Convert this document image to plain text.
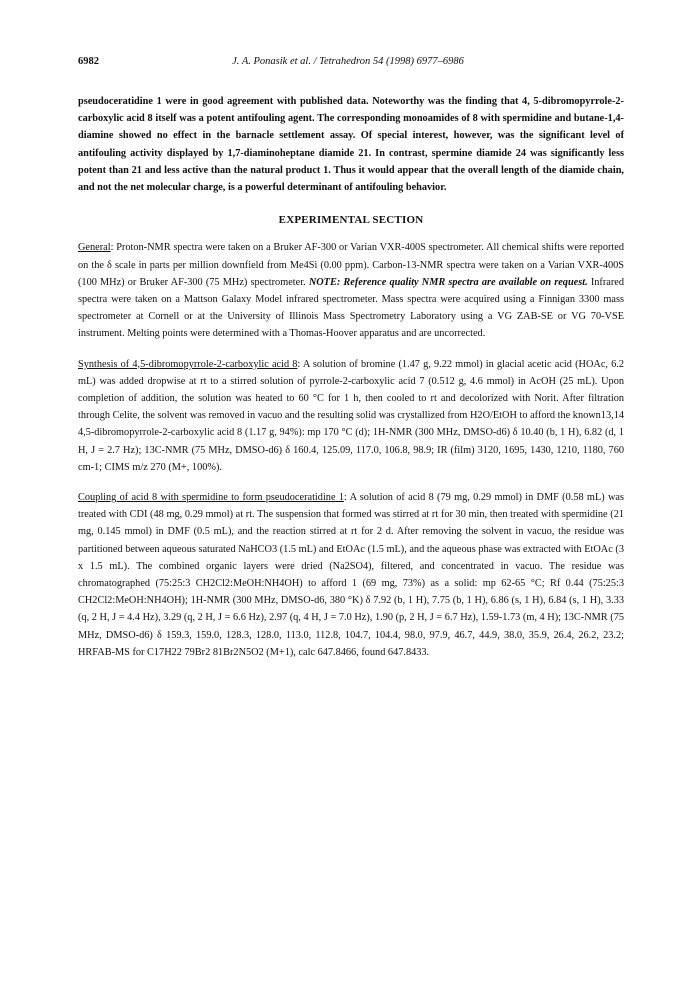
6982	J. A. Ponasik et al. / Tetrahedron 54 (1998) 6977–6986

pseudoceratidine 1 were in good agreement with published data. Noteworthy was the finding that 4, 5-dibromopyrrole-2-carboxylic acid 8 itself was a potent antifouling agent. The corresponding monoamides of 8 with spermidine and butane-1,4-diamine showed no effect in the barnacle settlement assay. Of special interest, however, was the significant level of antifouling activity displayed by 1,7-diaminoheptane diamide 21. In contrast, spermine diamide 24 was significantly less potent than 21 and less active than the natural product 1. Thus it would appear that the overall length of the diamide chain, and not the net molecular charge, is a powerful determinant of antifouling behavior.

EXPERIMENTAL SECTION

General: Proton-NMR spectra were taken on a Bruker AF-300 or Varian VXR-400S spectrometer. All chemical shifts were reported on the δ scale in parts per million downfield from Me4Si (0.00 ppm). Carbon-13-NMR spectra were taken on a Varian VXR-400S (100 MHz) or Bruker AF-300 (75 MHz) spectrometer. NOTE: Reference quality NMR spectra are available on request. Infrared spectra were taken on a Mattson Galaxy Model infrared spectrometer. Mass spectra were acquired using a Finnigan 3300 mass spectrometer at Cornell or at the University of Illinois Mass Spectrometry Laboratory using a VG ZAB-SE or VG 70-VSE instrument. Melting points were determined with a Thomas-Hoover apparatus and are uncorrected.

Synthesis of 4,5-dibromopyrrole-2-carboxylic acid 8: A solution of bromine (1.47 g, 9.22 mmol) in glacial acetic acid (HOAc, 6.2 mL) was added dropwise at rt to a stirred solution of pyrrole-2-carboxylic acid 7 (0.512 g, 4.6 mmol) in AcOH (25 mL). Upon completion of addition, the solution was heated to 60 °C for 1 h, then cooled to rt and decolorized with Norit. After filtration through Celite, the solvent was removed in vacuo and the resulting solid was crystallized from H2O/EtOH to afford the known13,14 4,5-dibromopyrrole-2-carboxylic acid 8 (1.17 g, 94%): mp 170 °C (d); 1H-NMR (300 MHz, DMSO-d6) δ 10.40 (b, 1 H), 6.82 (d, 1 H, J = 2.7 Hz); 13C-NMR (75 MHz, DMSO-d6) δ 160.4, 125.09, 117.0, 106.8, 98.9; IR (film) 3120, 1695, 1430, 1210, 1180, 760 cm-1; CIMS m/z 270 (M+, 100%).

Coupling of acid 8 with spermidine to form pseudoceratidine 1: A solution of acid 8 (79 mg, 0.29 mmol) in DMF (0.58 mL) was treated with CDI (48 mg, 0.29 mmol) at rt. The suspension that formed was stirred at rt for 30 min, then treated with spermidine (21 mg, 0.145 mmol) in DMF (0.5 mL), and the reaction stirred at rt for 2 d. After removing the solvent in vacuo, the residue was partitioned between aqueous saturated NaHCO3 (1.5 mL) and EtOAc (1.5 mL), and the aqueous phase was extracted with EtOAc (3 x 1.5 mL). The combined organic layers were dried (Na2SO4), filtered, and concentrated in vacuo. The residue was chromatographed (75:25:3 CH2Cl2:MeOH:NH4OH) to afford 1 (69 mg, 73%) as a solid: mp 62-65 °C; Rf 0.44 (75:25:3 CH2Cl2:MeOH:NH4OH); 1H-NMR (300 MHz, DMSO-d6, 380 °K) δ 7.92 (b, 1 H), 7.75 (b, 1 H), 6.86 (s, 1 H), 6.84 (s, 1 H), 3.33 (q, 2 H, J = 4.4 Hz), 3.29 (q, 2 H, J = 6.6 Hz), 2.97 (q, 4 H, J = 7.0 Hz), 1.90 (p, 2 H, J = 6.7 Hz), 1.59-1.73 (m, 4 H); 13C-NMR (75 MHz, DMSO-d6) δ 159.3, 159.0, 128.3, 128.0, 113.0, 112.8, 104.7, 104.4, 98.0, 97.9, 46.7, 44.9, 38.0, 35.9, 26.4, 26.2, 23.2; HRFAB-MS for C17H22 79Br2 81Br2N5O2 (M+1), calc 647.8466, found 647.8433.
